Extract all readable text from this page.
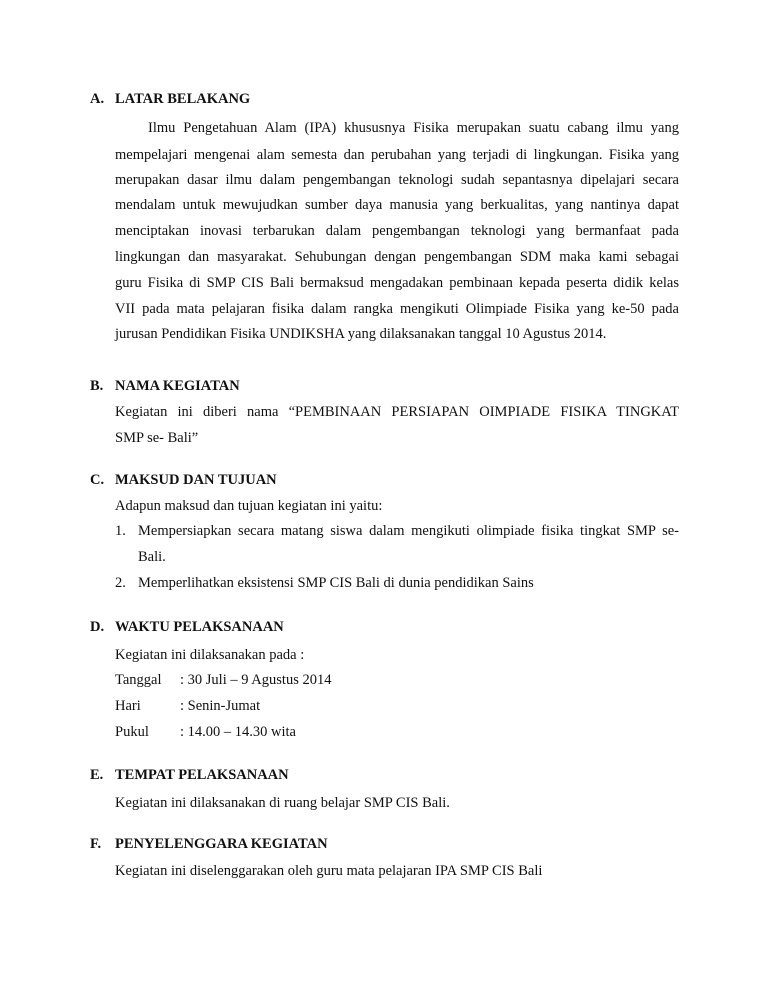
A. LATAR BELAKANG
Ilmu Pengetahuan Alam (IPA) khususnya Fisika merupakan suatu cabang ilmu yang
mempelajari mengenai alam semesta dan perubahan yang terjadi di lingkungan. Fisika yang
merupakan dasar ilmu dalam pengembangan teknologi sudah sepantasnya dipelajari secara
mendalam untuk mewujudkan sumber daya manusia yang berkualitas, yang nantinya dapat
menciptakan inovasi terbarukan dalam pengembangan teknologi yang bermanfaat pada
lingkungan dan masyarakat. Sehubungan dengan pengembangan SDM maka kami sebagai
guru Fisika di SMP CIS Bali bermaksud mengadakan pembinaan kepada peserta didik kelas
VII pada mata pelajaran fisika dalam rangka mengikuti Olimpiade Fisika yang ke-50 pada
jurusan Pendidikan Fisika UNDIKSHA yang dilaksanakan tanggal 10 Agustus 2014.
B. NAMA KEGIATAN
Kegiatan ini diberi nama “PEMBINAAN PERSIAPAN OIMPIADE FISIKA TINGKAT
SMP se- Bali”
C. MAKSUD DAN TUJUAN
Adapun maksud dan tujuan kegiatan ini yaitu:
1. Mempersiapkan secara matang siswa dalam mengikuti olimpiade fisika tingkat SMP se-
Bali.
2. Memperlihatkan eksistensi SMP CIS Bali di dunia pendidikan Sains
D. WAKTU PELAKSANAAN
Kegiatan ini dilaksanakan pada :
Tanggal : 30 Juli – 9 Agustus 2014
Hari	: Senin-Jumat
Pukul : 14.00 – 14.30 wita
E. TEMPAT PELAKSANAAN
Kegiatan ini dilaksanakan di ruang belajar SMP CIS Bali.
F. PENYELENGGARA KEGIATAN
Kegiatan ini diselenggarakan oleh guru mata pelajaran IPA SMP CIS Bali
